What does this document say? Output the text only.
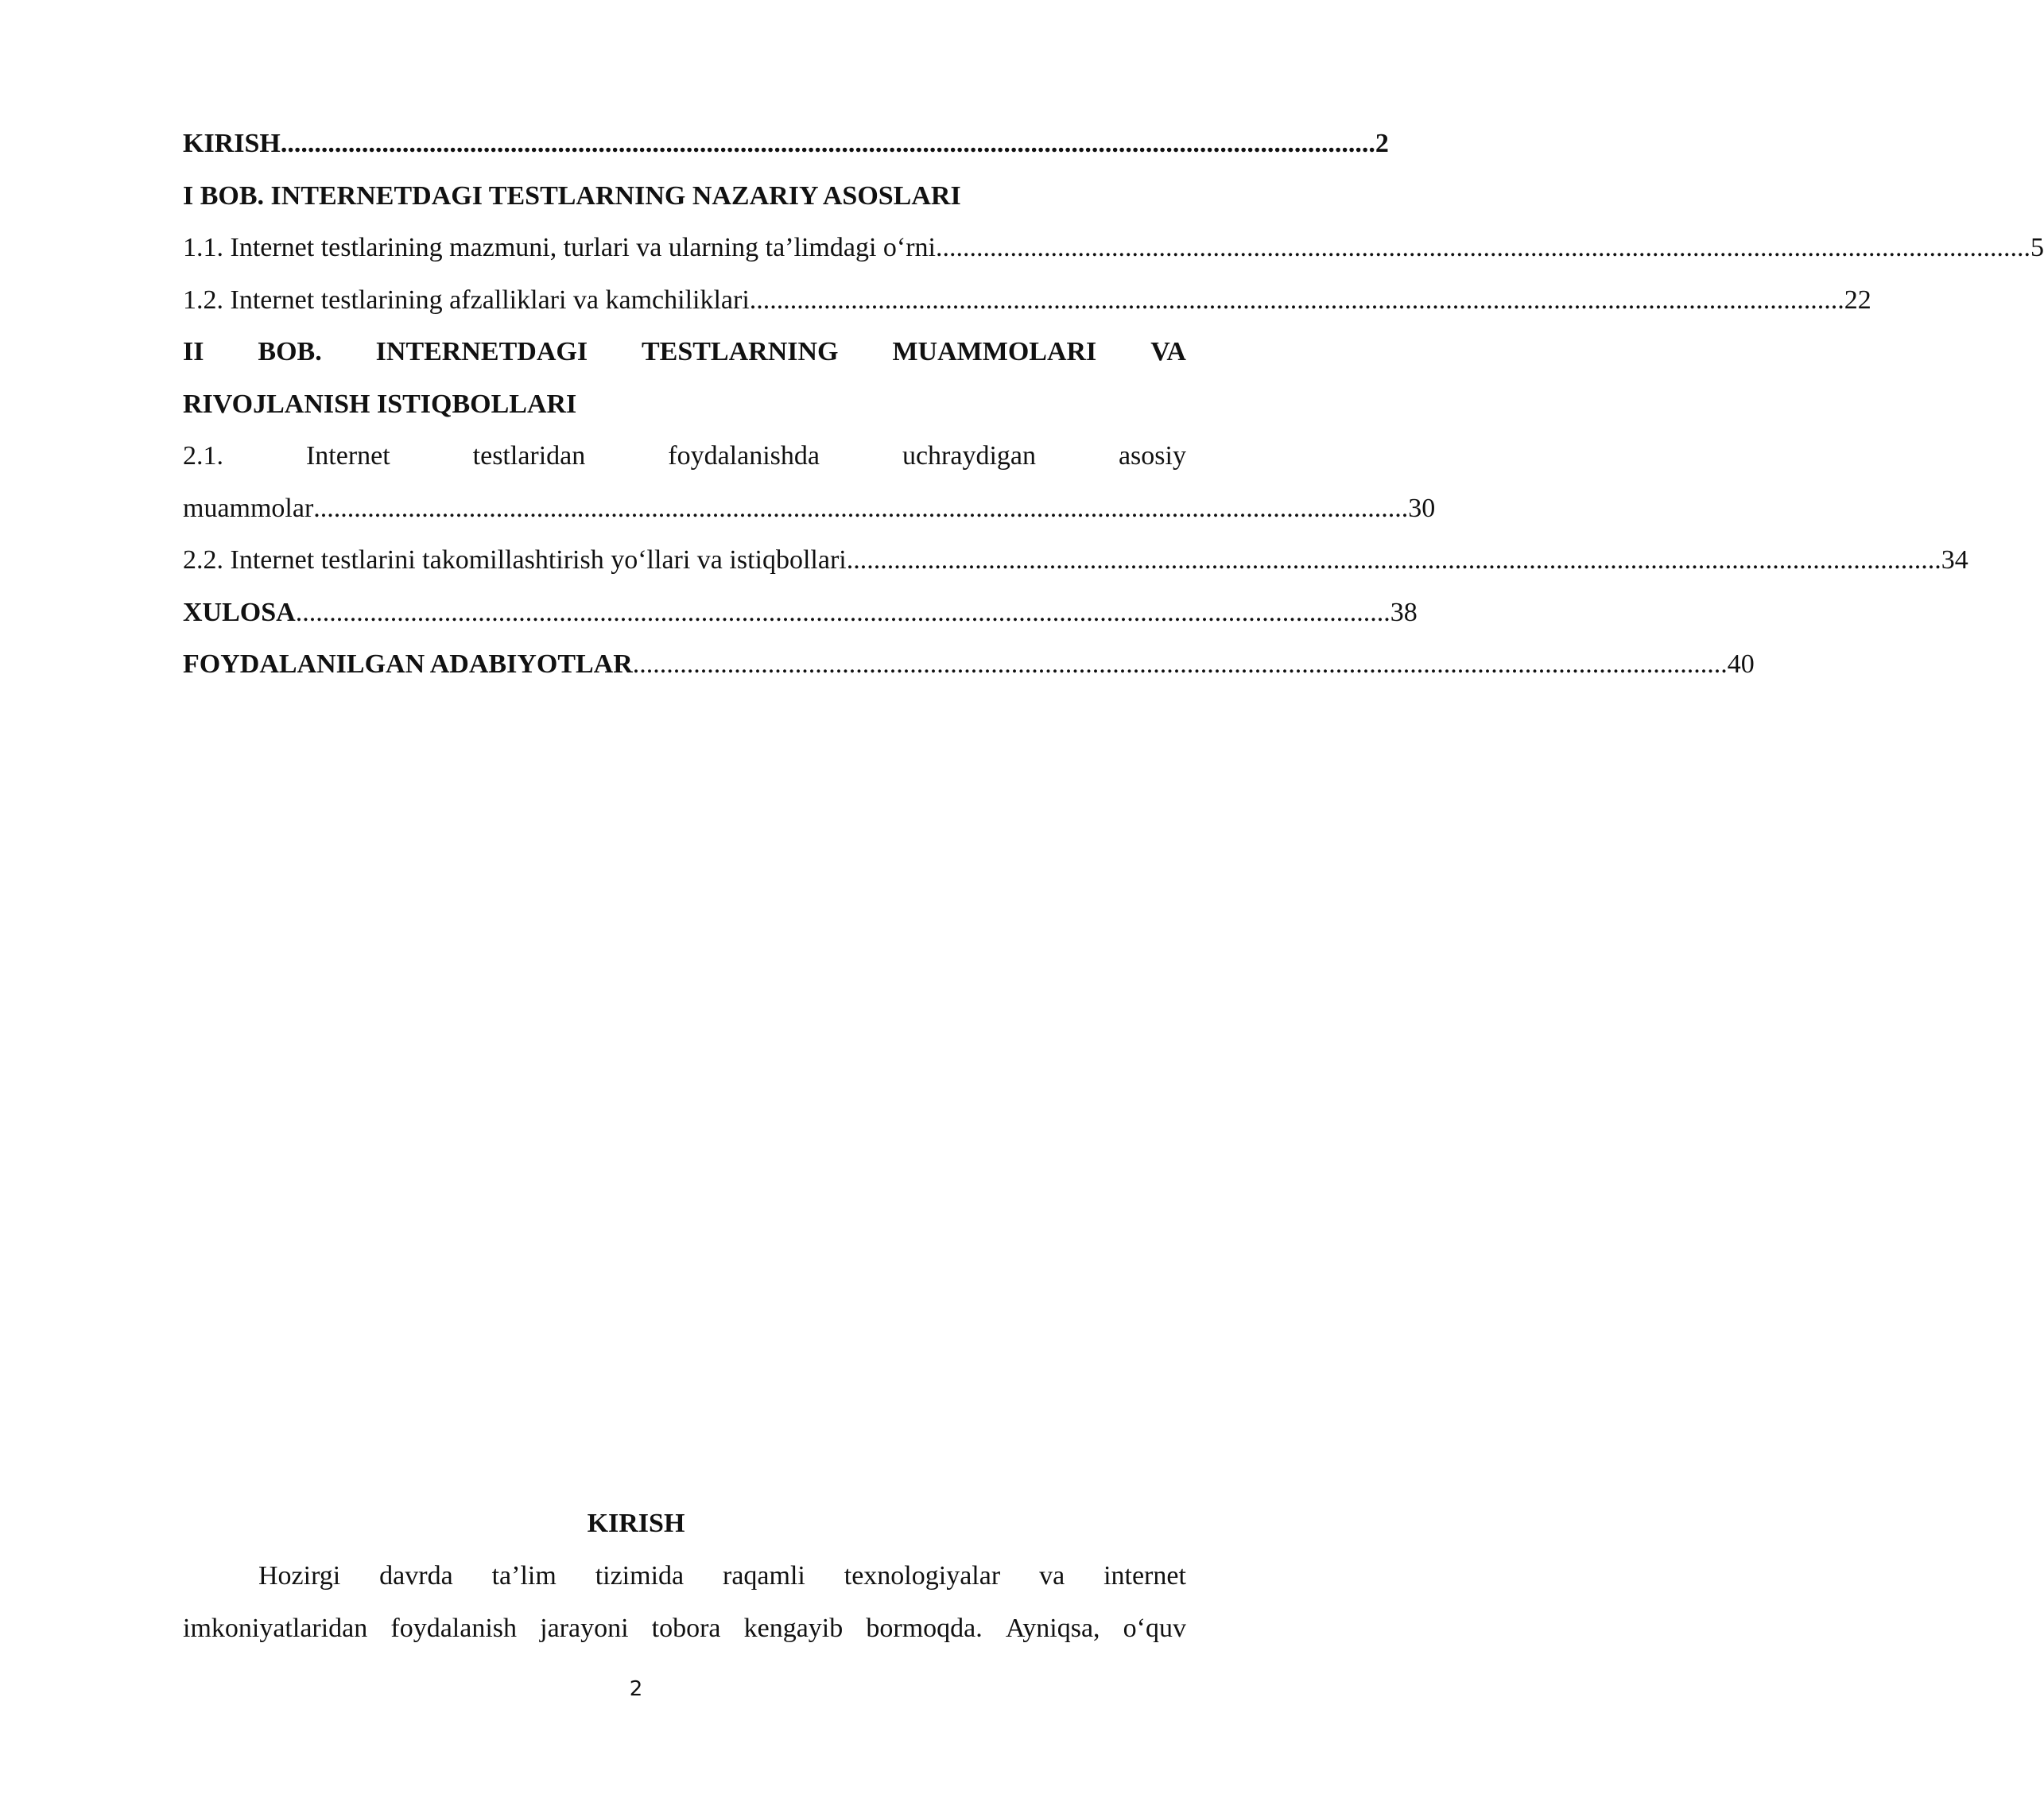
KIRISH .................................................................................................................................................................. 2
I BOB. INTERNETDAGI TESTLARNING NAZARIY ASOSLARI
1.1. Internet testlarining mazmuni, turlari va ularning ta’limdagi o‘rni .................................................................................................................................................................. 5
1.2. Internet testlarining afzalliklari va kamchiliklari .................................................................................................................................................................. 22
II BOB. INTERNETDAGI TESTLARNING MUAMMOLARI VA
RIVOJLANISH ISTIQBOLLARI
2.1.	Internet	testlaridan	foydalanishda	uchraydigan	asosiy
muammolar .................................................................................................................................................................. 30
2.2. Internet testlarini takomillashtirish yo‘llari va istiqbollari .................................................................................................................................................................. 34
XULOSA .................................................................................................................................................................. 38
FOYDALANILGAN ADABIYOTLAR .................................................................................................................................................................. 40
KIRISH
Hozirgi davrda ta’lim tizimida raqamli texnologiyalar va internet
imkoniyatlaridan foydalanish jarayoni tobora kengayib bormoqda. Ayniqsa, o‘quv
2
